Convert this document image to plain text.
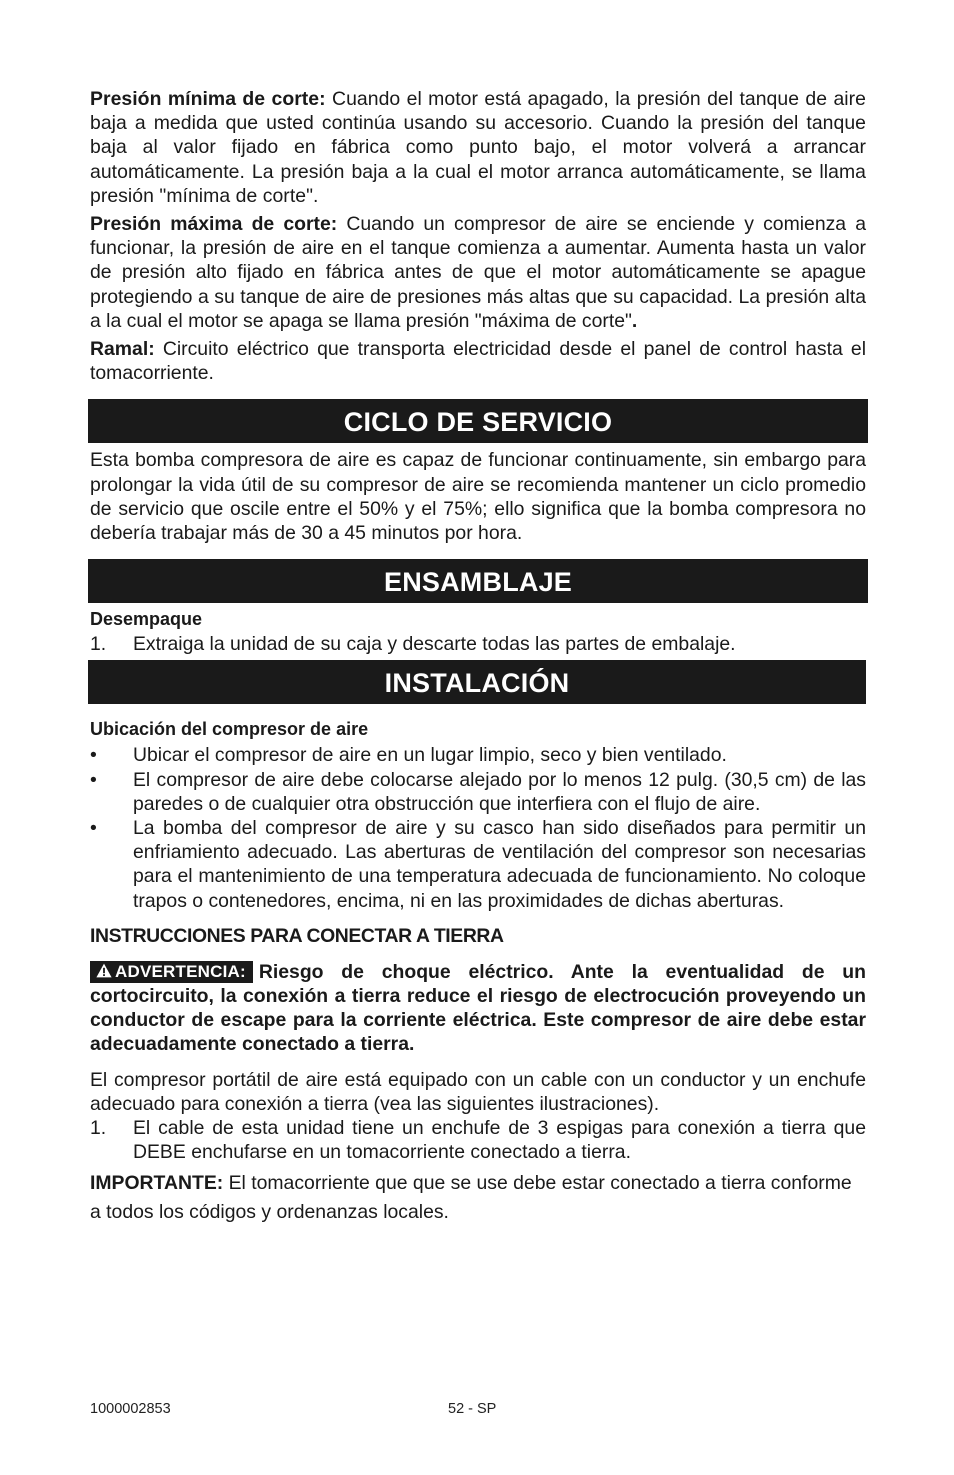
Presión mínima de corte: Cuando el motor está apagado, la presión del tanque de aire baja a medida que usted continúa usando su accesorio. Cuando la presión del tanque baja al valor fijado en fábrica como punto bajo, el motor volverá a arrancar automáticamente. La presión baja a la cual el motor arranca automáticamente, se llama presión "mínima de corte".

Presión máxima de corte: Cuando un compresor de aire se enciende y comienza a funcionar, la presión de aire en el tanque comienza a aumentar. Aumenta hasta un valor de presión alto fijado en fábrica antes de que el motor automáticamente se apague protegiendo a su tanque de aire de presiones más altas que su capacidad. La presión alta a la cual el motor se apaga se llama presión "máxima de corte".

Ramal: Circuito eléctrico que transporta electricidad desde el panel de control hasta el tomacorriente.

CICLO DE SERVICIO

Esta bomba compresora de aire es capaz de funcionar continuamente, sin embargo para prolongar la vida útil de su compresor de aire se recomienda mantener un ciclo promedio de servicio que oscile entre el 50% y el 75%; ello significa que la bomba compresora no debería trabajar más de 30 a 45 minutos por hora.

ENSAMBLAJE
Desempaque
1.	Extraiga la unidad de su caja y descarte todas las partes de embalaje.
INSTALACIÓN
Ubicación del compresor de aire
•	Ubicar el compresor de aire en un lugar limpio, seco y bien ventilado.
•	El compresor de aire debe colocarse alejado por lo menos 12 pulg. (30,5 cm) de las paredes o de cualquier otra obstrucción que interfiera con el flujo de aire.
•	La bomba del compresor de aire y su casco han sido diseñados para permitir un enfriamiento adecuado. Las aberturas de ventilación del compresor son necesarias para el mantenimiento de una temperatura adecuada de funcionamiento. No coloque trapos o contenedores, encima, ni en las proximidades de dichas aberturas.
INSTRUCCIONES PARA CONECTAR A TIERRA

ADVERTENCIA: Riesgo de choque eléctrico. Ante la eventualidad de un cortocircuito, la conexión a tierra reduce el riesgo de electrocución proveyendo un conductor de escape para la corriente eléctrica. Este compresor de aire debe estar adecuadamente conectado a tierra.

El compresor portátil de aire está equipado con un cable con un conductor y un enchufe adecuado para conexión a tierra (vea las siguientes ilustraciones).

1.	El cable de esta unidad tiene un enchufe de 3 espigas para conexión a tierra que DEBE enchufarse en un tomacorriente conectado a tierra.

IMPORTANTE: El tomacorriente que que se use debe estar conectado a tierra conforme a todos los códigos y ordenanzas locales.

1000002853	52 - SP
